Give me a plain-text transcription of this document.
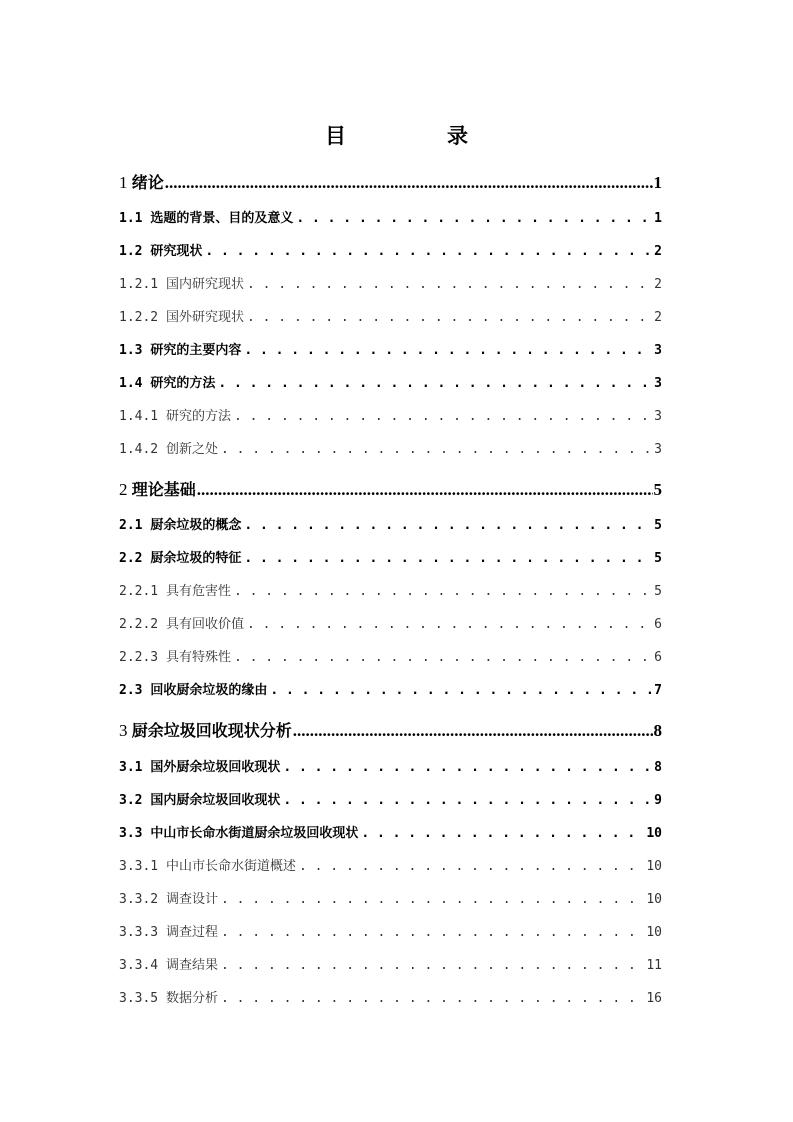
目　录
1 绪论 .....	1
1.1 选题的背景、目的及意义 . . .	1
1.2 研究现状 . . .	2
1.2.1 国内研究现状 . . .	2
1.2.2 国外研究现状 . . .	2
1.3 研究的主要内容 . . .	3
1.4 研究的方法 . . .	3
1.4.1 研究的方法 . . .	3
1.4.2 创新之处 . . .	3
2 理论基础 .....	5
2.1 厨余垃圾的概念 . . .	5
2.2 厨余垃圾的特征 . . .	5
2.2.1 具有危害性 . . .	5
2.2.2 具有回收价值 . . .	6
2.2.3 具有特殊性 . . .	6
2.3 回收厨余垃圾的缘由 . . .	7
3 厨余垃圾回收现状分析 .....	8
3.1 国外厨余垃圾回收现状 . . .	8
3.2 国内厨余垃圾回收现状 . . .	9
3.3 中山市长命水街道厨余垃圾回收现状 . . .	10
3.3.1 中山市长命水街道概述 . . .	10
3.3.2 调查设计 . . .	10
3.3.3 调查过程 . . .	10
3.3.4 调查结果 . . .	11
3.3.5 数据分析 . . .	16
